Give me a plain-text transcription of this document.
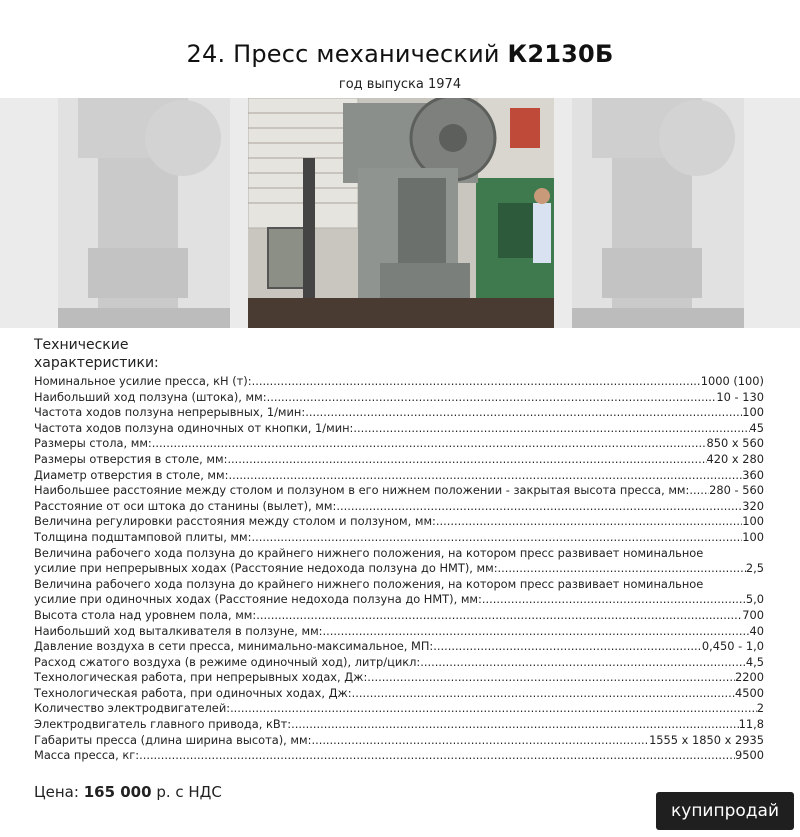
24. Пресс механический К2130Б
год выпуска 1974
Технические характеристики:
Номинальное усилие пресса, кН (т): .....	1000 (100)
Наибольший ход ползуна (штока), мм: .....	10 - 130
Частота ходов ползуна непрерывных, 1/мин: .....	100
Частота ходов ползуна одиночных от кнопки, 1/мин: .....	45
Размеры стола, мм: .....	850 х 560
Размеры отверстия в столе, мм: .....	420 х 280
Диаметр отверстия в столе, мм: .....	360
Наибольшее расстояние между столом и ползуном в его нижнем положении - закрытая высота пресса, мм: ..... 280 - 560
Расстояние от оси штока до станины (вылет), мм: .....	320
Величина регулировки расстояния между столом и ползуном, мм: .....	100
Толщина подштамповой плиты, мм: .....	100
Величина рабочего хода ползуна до крайнего нижнего положения, на котором пресс развивает номинальное
усилие при непрерывных ходах (Расстояние недохода ползуна до НМТ), мм: .....	2,5
Величина рабочего хода ползуна до крайнего нижнего положения, на котором пресс развивает номинальное
усилие при одиночных ходах (Расстояние недохода ползуна до НМТ), мм: .....	5,0
Высота стола над уровнем пола, мм: .....	700
Наибольший ход выталкивателя в ползуне, мм: .....	40
Давление воздуха в сети пресса, минимально-максимальное, МП: .....	0,450 - 1,0
Расход сжатого воздуха (в режиме одиночный ход), литр/цикл: .....	4,5
Технологическая работа, при непрерывных ходах, Дж: .....	2200
Технологическая работа, при одиночных ходах, Дж: .....	4500
Количество электродвигателей: .....	2
Электродвигатель главного привода, кВт: .....	11,8
Габариты пресса (длина ширина высота), мм: .....	1555 х 1850 х 2935
Масса пресса, кг: .....	9500
Цена: 165 000 р. с НДС
купипродай
